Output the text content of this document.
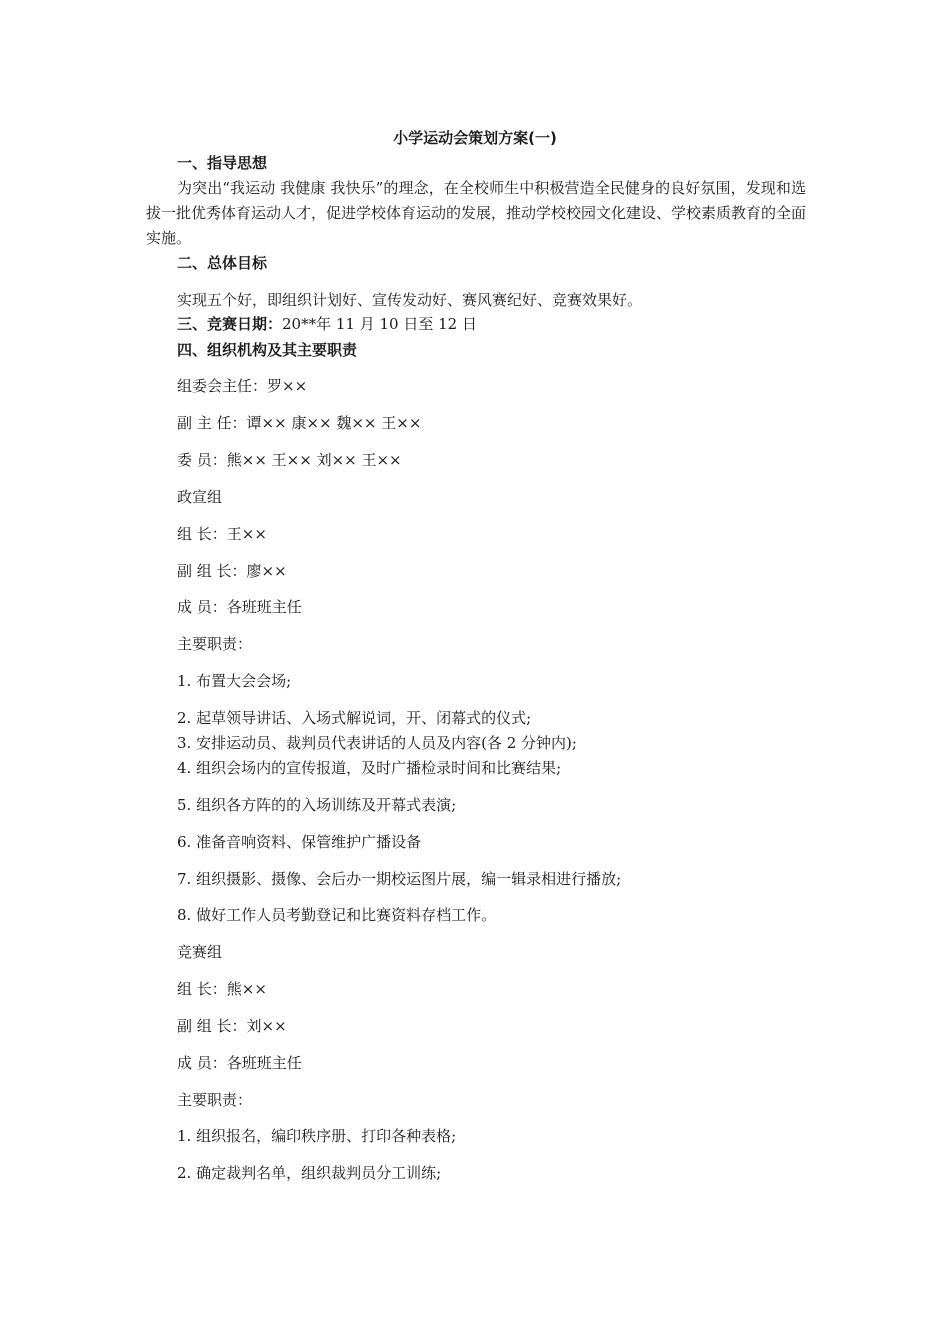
小学运动会策划方案(一)
一、指导思想
为突出“我运动 我健康 我快乐”的理念，在全校师生中积极营造全民健身的良好氛围，发现和选拔一批优秀体育运动人才，促进学校体育运动的发展，推动学校校园文化建设、学校素质教育的全面实施。
二、总体目标
实现五个好，即组织计划好、宣传发动好、赛风赛纪好、竞赛效果好。
三、竞赛日期：20**年 11 月 10 日至 12 日
四、组织机构及其主要职责
组委会主任：罗××
副 主 任：谭×× 康×× 魏×× 王××
委 员：熊×× 王×× 刘×× 王××
政宣组
组 长：王××
副 组 长：廖××
成 员：各班班主任
主要职责：
1. 布置大会会场;
2. 起草领导讲话、入场式解说词，开、闭幕式的仪式;
3. 安排运动员、裁判员代表讲话的人员及内容(各 2 分钟内);
4. 组织会场内的宣传报道，及时广播检录时间和比赛结果;
5. 组织各方阵的的入场训练及开幕式表演;
6. 准备音响资料、保管维护广播设备
7. 组织摄影、摄像、会后办一期校运图片展，编一辑录相进行播放;
8. 做好工作人员考勤登记和比赛资料存档工作。
竞赛组
组 长：熊××
副 组 长：刘××
成 员：各班班主任
主要职责：
1. 组织报名，编印秩序册、打印各种表格;
2. 确定裁判名单，组织裁判员分工训练;
